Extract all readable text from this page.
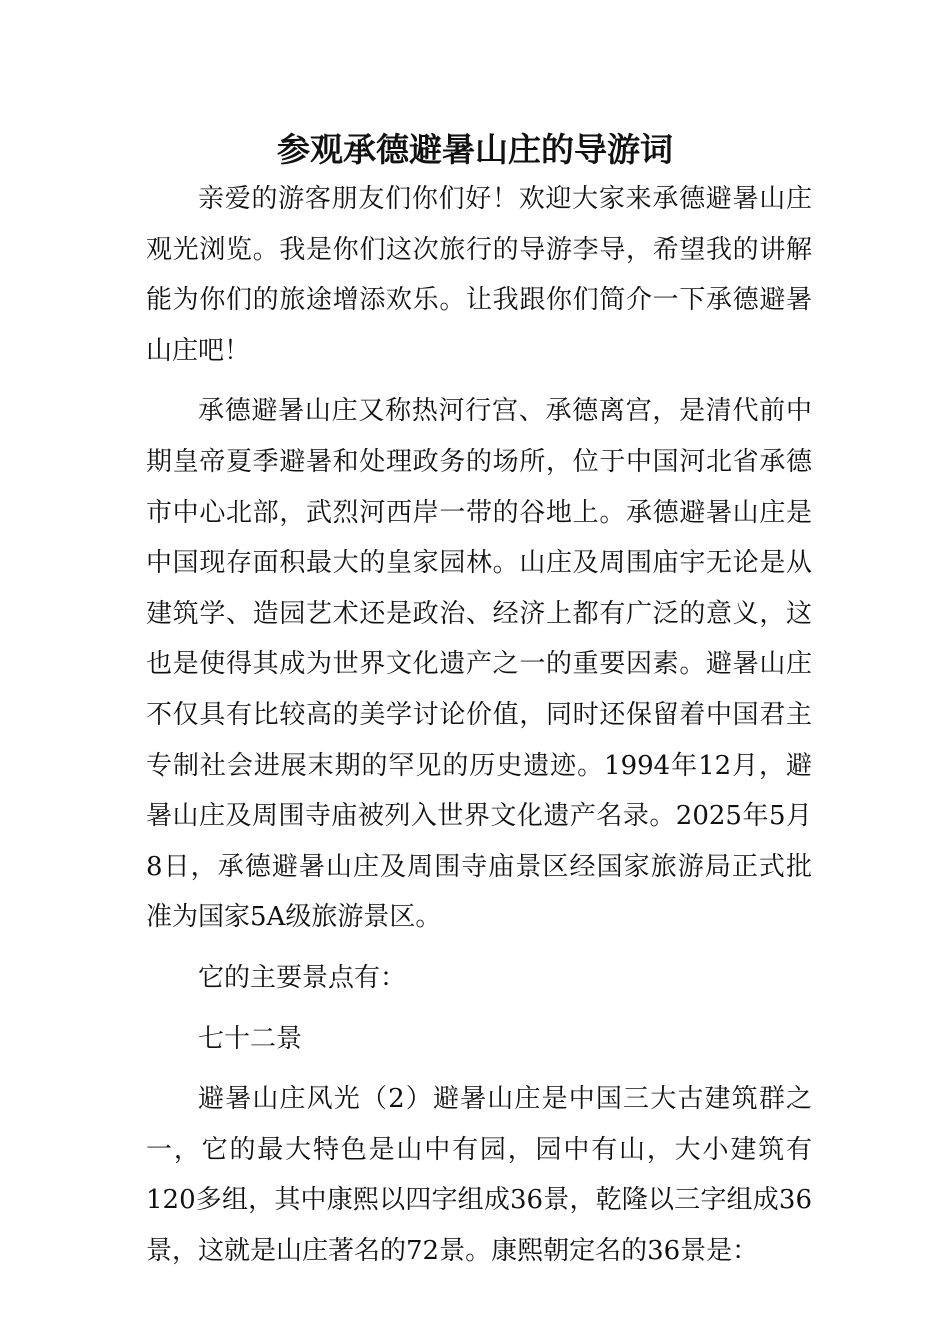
参观承德避暑山庄的导游词

亲爱的游客朋友们你们好！欢迎大家来承德避暑山庄观光浏览。我是你们这次旅行的导游李导，希望我的讲解能为你们的旅途增添欢乐。让我跟你们简介一下承德避暑山庄吧！

承德避暑山庄又称热河行宫、承德离宫，是清代前中期皇帝夏季避暑和处理政务的场所，位于中国河北省承德市中心北部，武烈河西岸一带的谷地上。承德避暑山庄是中国现存面积最大的皇家园林。山庄及周围庙宇无论是从建筑学、造园艺术还是政治、经济上都有广泛的意义，这也是使得其成为世界文化遗产之一的重要因素。避暑山庄不仅具有比较高的美学讨论价值，同时还保留着中国君主专制社会进展末期的罕见的历史遗迹。1994年12月，避暑山庄及周围寺庙被列入世界文化遗产名录。2025年5月8日，承德避暑山庄及周围寺庙景区经国家旅游局正式批准为国家5A级旅游景区。

它的主要景点有：

七十二景

避暑山庄风光（2）避暑山庄是中国三大古建筑群之一，它的最大特色是山中有园，园中有山，大小建筑有120多组，其中康熙以四字组成36景，乾隆以三字组成36景，这就是山庄著名的72景。康熙朝定名的36景是：
